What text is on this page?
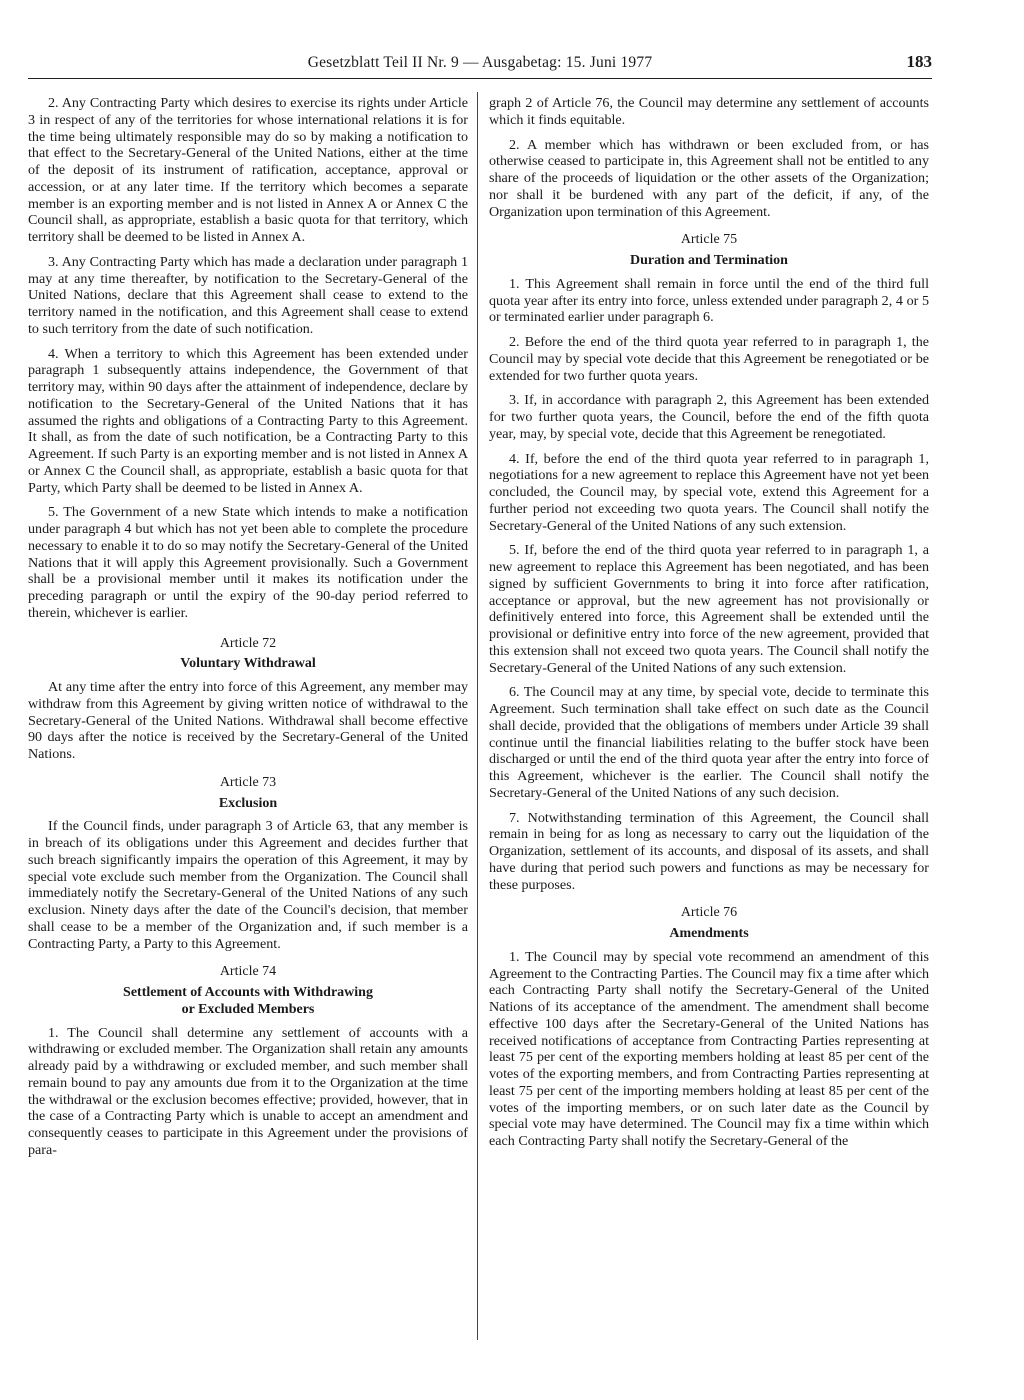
Gesetzblatt Teil II Nr. 9 — Ausgabetag: 15. Juni 1977	183

2. Any Contracting Party which desires to exercise its rights under Article 3 in respect of any of the territories for whose international relations it is for the time being ultimately responsible may do so by making a notification to that effect to the Secretary-General of the United Nations, either at the time of the deposit of its instrument of ratification, acceptance, approval or accession, or at any later time. If the territory which becomes a separate member is an exporting member and is not listed in Annex A or Annex C the Council shall, as appropriate, establish a basic quota for that territory, which territory shall be deemed to be listed in Annex A.

3. Any Contracting Party which has made a declaration under paragraph 1 may at any time thereafter, by notification to the Secretary-General of the United Nations, declare that this Agreement shall cease to extend to the territory named in the notification, and this Agreement shall cease to extend to such territory from the date of such notification.

4. When a territory to which this Agreement has been extended under paragraph 1 subsequently attains independence, the Government of that territory may, within 90 days after the attainment of independence, declare by notification to the Secretary-General of the United Nations that it has assumed the rights and obligations of a Contracting Party to this Agreement. It shall, as from the date of such notification, be a Contracting Party to this Agreement. If such Party is an exporting member and is not listed in Annex A or Annex C the Council shall, as appropriate, establish a basic quota for that Party, which Party shall be deemed to be listed in Annex A.

5. The Government of a new State which intends to make a notification under paragraph 4 but which has not yet been able to complete the procedure necessary to enable it to do so may notify the Secretary-General of the United Nations that it will apply this Agreement provisionally. Such a Government shall be a provisional member until it makes its notification under the preceding paragraph or until the expiry of the 90-day period referred to therein, whichever is earlier.

Article 72
Voluntary Withdrawal

At any time after the entry into force of this Agreement, any member may withdraw from this Agreement by giving written notice of withdrawal to the Secretary-General of the United Nations. Withdrawal shall become effective 90 days after the notice is received by the Secretary-General of the United Nations.

Article 73
Exclusion

If the Council finds, under paragraph 3 of Article 63, that any member is in breach of its obligations under this Agreement and decides further that such breach significantly impairs the operation of this Agreement, it may by special vote exclude such member from the Organization. The Council shall immediately notify the Secretary-General of the United Nations of any such exclusion. Ninety days after the date of the Council's decision, that member shall cease to be a member of the Organization and, if such member is a Contracting Party, a Party to this Agreement.

Article 74
Settlement of Accounts with Withdrawing
or Excluded Members

1. The Council shall determine any settlement of accounts with a withdrawing or excluded member. The Organization shall retain any amounts already paid by a withdrawing or excluded member, and such member shall remain bound to pay any amounts due from it to the Organization at the time the withdrawal or the exclusion becomes effective; provided, however, that in the case of a Contracting Party which is unable to accept an amendment and consequently ceases to participate in this Agreement under the provisions of para-

graph 2 of Article 76, the Council may determine any settlement of accounts which it finds equitable.

2. A member which has withdrawn or been excluded from, or has otherwise ceased to participate in, this Agreement shall not be entitled to any share of the proceeds of liquidation or the other assets of the Organization; nor shall it be burdened with any part of the deficit, if any, of the Organization upon termination of this Agreement.

Article 75
Duration and Termination

1. This Agreement shall remain in force until the end of the third full quota year after its entry into force, unless extended under paragraph 2, 4 or 5 or terminated earlier under paragraph 6.

2. Before the end of the third quota year referred to in paragraph 1, the Council may by special vote decide that this Agreement be renegotiated or be extended for two further quota years.

3. If, in accordance with paragraph 2, this Agreement has been extended for two further quota years, the Council, before the end of the fifth quota year, may, by special vote, decide that this Agreement be renegotiated.

4. If, before the end of the third quota year referred to in paragraph 1, negotiations for a new agreement to replace this Agreement have not yet been concluded, the Council may, by special vote, extend this Agreement for a further period not exceeding two quota years. The Council shall notify the Secretary-General of the United Nations of any such extension.

5. If, before the end of the third quota year referred to in paragraph 1, a new agreement to replace this Agreement has been negotiated, and has been signed by sufficient Governments to bring it into force after ratification, acceptance or approval, but the new agreement has not provisionally or definitively entered into force, this Agreement shall be extended until the provisional or definitive entry into force of the new agreement, provided that this extension shall not exceed two quota years. The Council shall notify the Secretary-General of the United Nations of any such extension.

6. The Council may at any time, by special vote, decide to terminate this Agreement. Such termination shall take effect on such date as the Council shall decide, provided that the obligations of members under Article 39 shall continue until the financial liabilities relating to the buffer stock have been discharged or until the end of the third quota year after the entry into force of this Agreement, whichever is the earlier. The Council shall notify the Secretary-General of the United Nations of any such decision.

7. Notwithstanding termination of this Agreement, the Council shall remain in being for as long as necessary to carry out the liquidation of the Organization, settlement of its accounts, and disposal of its assets, and shall have during that period such powers and functions as may be necessary for these purposes.

Article 76
Amendments

1. The Council may by special vote recommend an amendment of this Agreement to the Contracting Parties. The Council may fix a time after which each Contracting Party shall notify the Secretary-General of the United Nations of its acceptance of the amendment. The amendment shall become effective 100 days after the Secretary-General of the United Nations has received notifications of acceptance from Contracting Parties representing at least 75 per cent of the exporting members holding at least 85 per cent of the votes of the exporting members, and from Contracting Parties representing at least 75 per cent of the importing members holding at least 85 per cent of the votes of the importing members, or on such later date as the Council by special vote may have determined. The Council may fix a time within which each Contracting Party shall notify the Secretary-General of the
